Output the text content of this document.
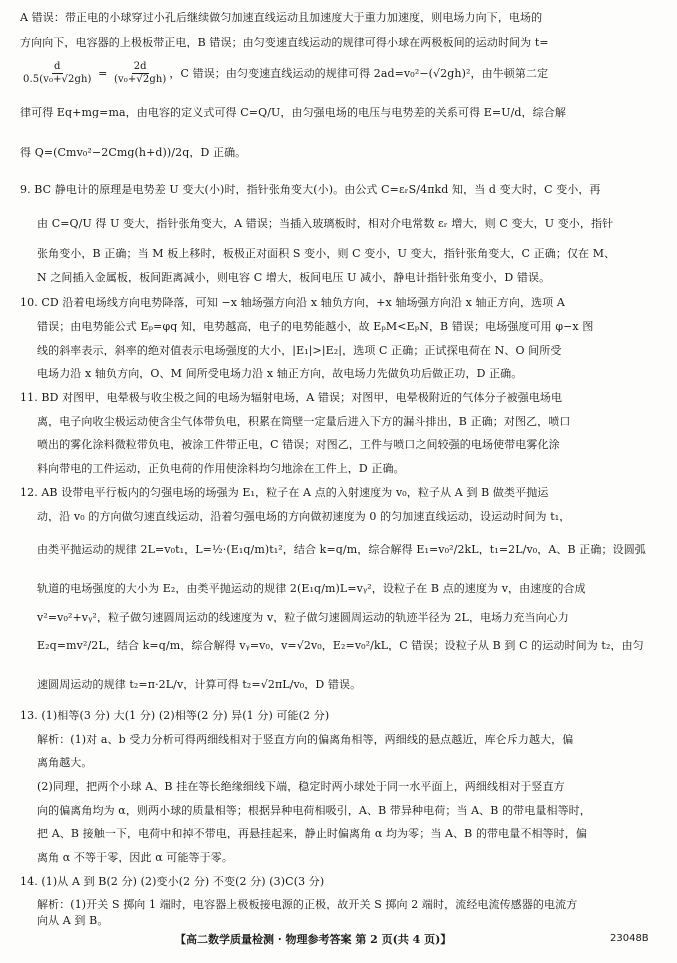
A 错误：带正电的小球穿过小孔后继续做匀加速直线运动且加速度大于重力加速度，则电场力向下，电场的
方向向下，电容器的上极板带正电，B 错误；由匀变速直线运动的规律可得小球在两极板间的运动时间为 t=
$\frac{d}{\text{0.5(v₀+√2gh)}} = \frac{2d}{\text{(v₀+√2gh)}}$ ，C 错误；由匀变速直线运动的规律可得 2ad=v₀²−(√2gh)²，由牛顿第二定
律可得 Eq+mg=ma，由电容的定义式可得 C=Q/U，由匀强电场的电压与电势差的关系可得 E=U/d，综合解
得 Q=(Cmv₀²−2Cmg(h+d))/2q，D 正确。
9. BC 静电计的原理是电势差 U 变大(小)时，指针张角变大(小)。由公式 C=εᵣS/4πkd 知，当 d 变大时，C 变小，再
由 C=Q/U 得 U 变大，指针张角变大，A 错误；当插入玻璃板时，相对介电常数 εᵣ 增大，则 C 变大，U 变小，指针
张角变小，B 正确；当 M 板上移时，板极正对面积 S 变小，则 C 变小，U 变大，指针张角变大，C 正确；仅在 M、
N 之间插入金属板，板间距离减小，则电容 C 增大，板间电压 U 减小，静电计指针张角变小，D 错误。
10. CD 沿着电场线方向电势降落，可知 −x 轴场强方向沿 x 轴负方向，+x 轴场强方向沿 x 轴正方向，选项 A
错误；由电势能公式 Eₚ=φq 知，电势越高，电子的电势能越小，故 EₚM<EₚN，B 错误；电场强度可用 φ−x 图
线的斜率表示，斜率的绝对值表示电场强度的大小，|E₁|>|E₂|，选项 C 正确；正试探电荷在 N、O 间所受
电场力沿 x 轴负方向，O、M 间所受电场力沿 x 轴正方向，故电场力先做负功后做正功，D 正确。
11. BD 对图甲，电晕极与收尘极之间的电场为辐射电场，A 错误；对图甲，电晕极附近的气体分子被强电场电
离，电子向收尘极运动使含尘气体带负电，积累在筒壁一定量后进入下方的漏斗排出，B 正确；对图乙，喷口
喷出的雾化涂料微粒带负电，被涂工件带正电，C 错误；对图乙，工件与喷口之间较强的电场使带电雾化涂
料向带电的工件运动，正负电荷的作用使涂料均匀地涂在工件上，D 正确。
12. AB 设带电平行板内的匀强电场的场强为 E₁，粒子在 A 点的入射速度为 v₀，粒子从 A 到 B 做类平抛运
动，沿 v₀ 的方向做匀速直线运动，沿着匀强电场的方向做初速度为 0 的匀加速直线运动，设运动时间为 t₁，
由类平抛运动的规律 2L=v₀t₁，L=½·(E₁q/m)t₁²，结合 k=q/m，综合解得 E₁=v₀²/2kL，t₁=2L/v₀，A、B 正确；设圆弧
轨道的电场强度的大小为 E₂，由类平抛运动的规律 2(E₁q/m)L=vᵧ²，设粒子在 B 点的速度为 v，由速度的合成
v²=v₀²+vᵧ²，粒子做匀速圆周运动的线速度为 v，粒子做匀速圆周运动的轨迹半径为 2L，电场力充当向心力
E₂q=mv²/2L，结合 k=q/m，综合解得 vᵧ=v₀，v=√2v₀，E₂=v₀²/kL，C 错误；设粒子从 B 到 C 的运动时间为 t₂，由匀
速圆周运动的规律 t₂=π·2L/v，计算可得 t₂=√2πL/v₀，D 错误。
13. (1)相等(3 分) 大(1 分) (2)相等(2 分) 异(1 分) 可能(2 分)
解析：(1)对 a、b 受力分析可得两细线相对于竖直方向的偏离角相等，两细线的悬点越近，库仑斥力越大，偏
离角越大。
(2)同理，把两个小球 A、B 挂在等长绝缘细线下端，稳定时两小球处于同一水平面上，两细线相对于竖直方
向的偏离角均为 α，则两小球的质量相等；根据异种电荷相吸引，A、B 带异种电荷；当 A、B 的带电量相等时，
把 A、B 接触一下，电荷中和掉不带电，再悬挂起来，静止时偏离角 α 均为零；当 A、B 的带电量不相等时，偏
离角 α 不等于零，因此 α 可能等于零。
14. (1)从 A 到 B(2 分) (2)变小(2 分) 不变(2 分) (3)C(3 分)
解析：(1)开关 S 掷向 1 端时，电容器上极板接电源的正极，故开关 S 掷向 2 端时，流经电流传感器的电流方
向从 A 到 B。
【高二数学质量检测 · 物理参考答案 第 2 页(共 4 页)】	23048B
